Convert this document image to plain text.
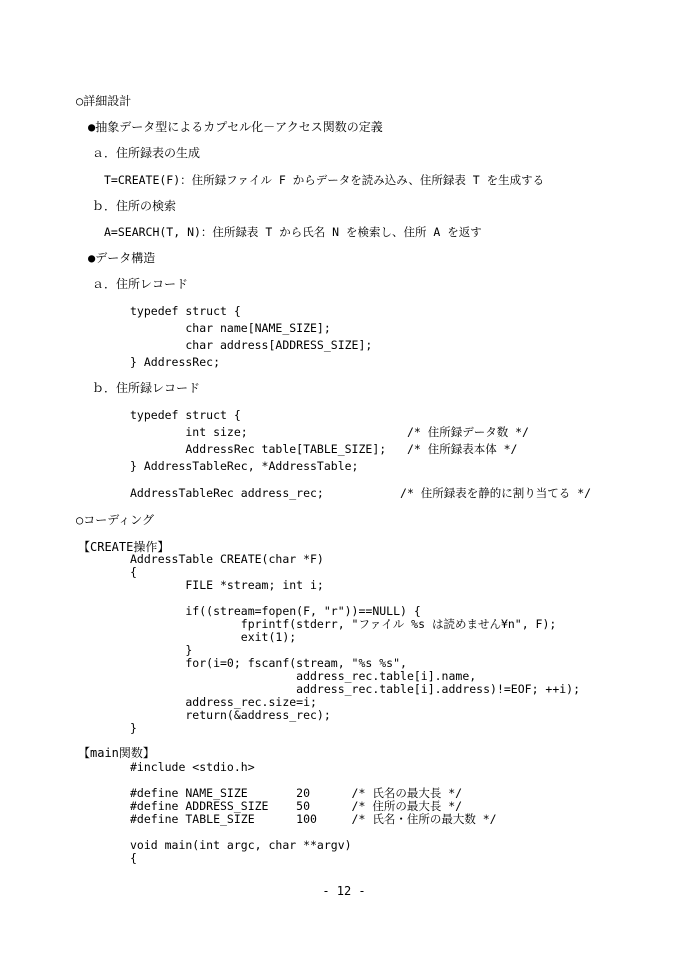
○詳細設計
●抽象データ型によるカプセル化－アクセス関数の定義
ａ．住所録表の生成
T=CREATE(F)：住所録ファイル F からデータを読み込み、住所録表 T を生成する
ｂ．住所の検索
A=SEARCH(T, N)：住所録表 T から氏名 N を検索し、住所 A を返す
●データ構造
ａ．住所レコード
typedef struct {
char name[NAME_SIZE];
char address[ADDRESS_SIZE];
} AddressRec;
ｂ．住所録レコード
typedef struct {
int size;                       /* 住所録データ数 */
AddressRec table[TABLE_SIZE];   /* 住所録表本体 */
} AddressTableRec, *AddressTable;
AddressTableRec address_rec;           /* 住所録表を静的に割り当てる */
○コーディング
【CREATE操作】
AddressTable CREATE(char *F)
{
FILE *stream; int i;
if((stream=fopen(F, "r"))==NULL) {
fprintf(stderr, "ファイル %s は読めません¥n", F);
exit(1);
}
for(i=0; fscanf(stream, "%s %s",
address_rec.table[i].name,
address_rec.table[i].address)!=EOF; ++i);
address_rec.size=i;
return(&address_rec);
}
【main関数】
#include <stdio.h>
#define NAME_SIZE       20      /* 氏名の最大長 */
#define ADDRESS_SIZE    50      /* 住所の最大長 */
#define TABLE_SIZE      100     /* 氏名・住所の最大数 */
void main(int argc, char **argv)
{
- 12 -
